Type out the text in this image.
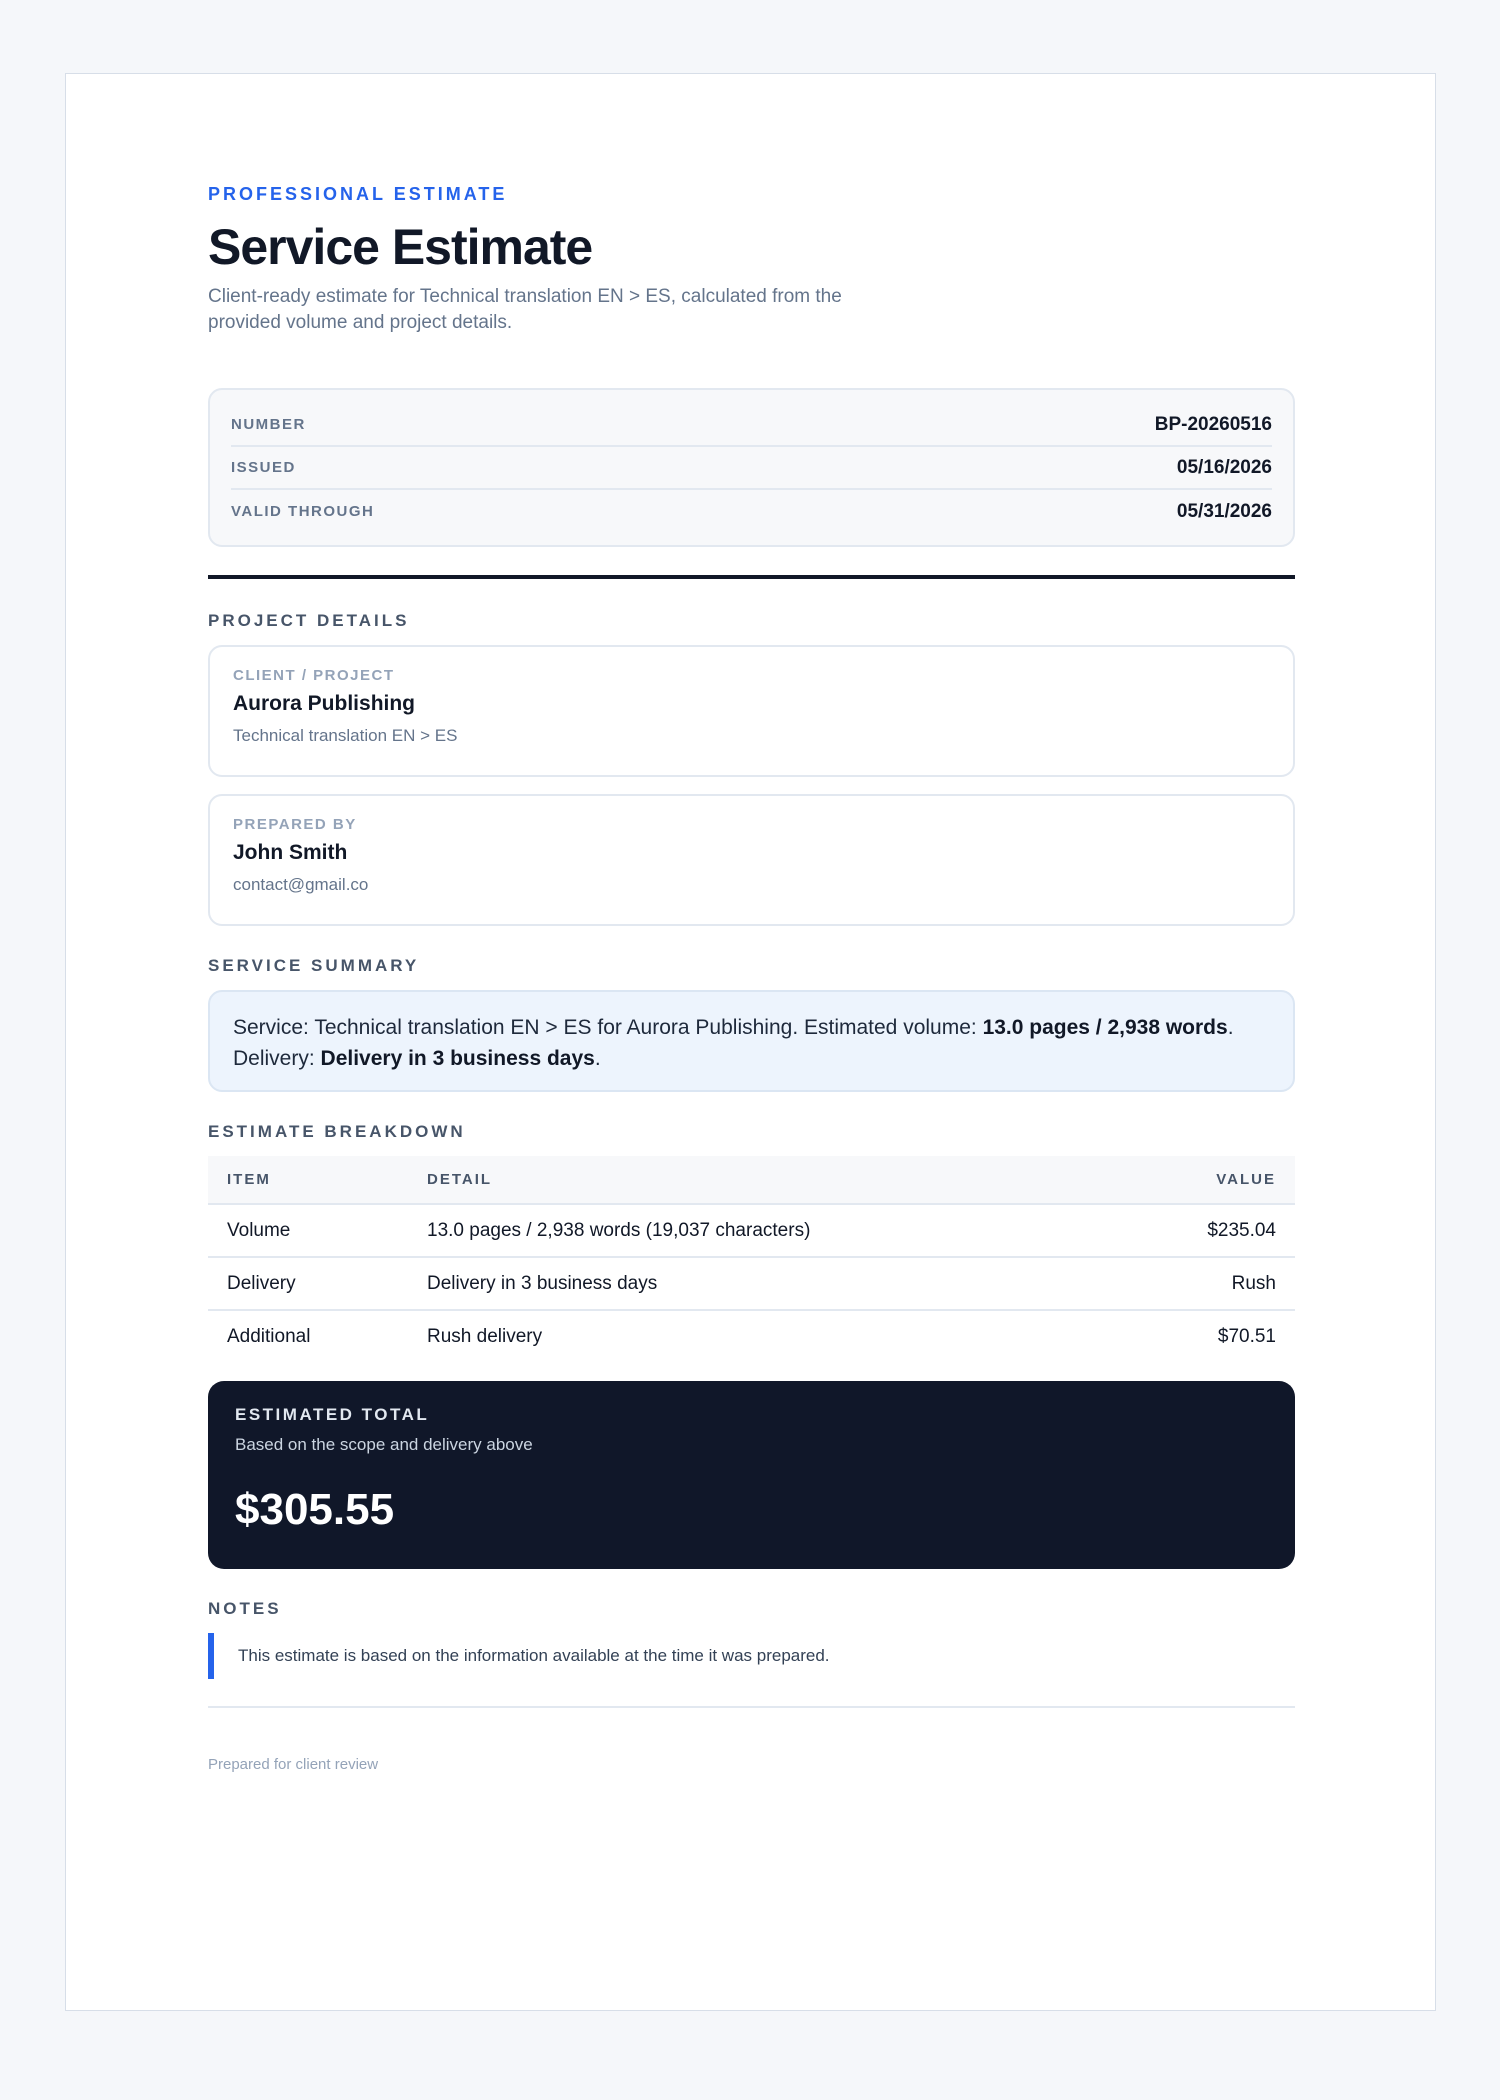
PROFESSIONAL ESTIMATE
Service Estimate
Client-ready estimate for Technical translation EN > ES, calculated from the provided volume and project details.
NUMBER	BP-20260516
ISSUED	05/16/2026
VALID THROUGH	05/31/2026
PROJECT DETAILS
CLIENT / PROJECT
Aurora Publishing
Technical translation EN > ES
PREPARED BY
John Smith
contact@gmail.co
SERVICE SUMMARY
Service: Technical translation EN > ES for Aurora Publishing. Estimated volume: 13.0 pages / 2,938 words. Delivery: Delivery in 3 business days.
ESTIMATE BREAKDOWN
ITEM	DETAIL	VALUE
Volume	13.0 pages / 2,938 words (19,037 characters)	$235.04
Delivery	Delivery in 3 business days	Rush
Additional	Rush delivery	$70.51
ESTIMATED TOTAL
Based on the scope and delivery above
$305.55
NOTES
This estimate is based on the information available at the time it was prepared.
Prepared for client review
